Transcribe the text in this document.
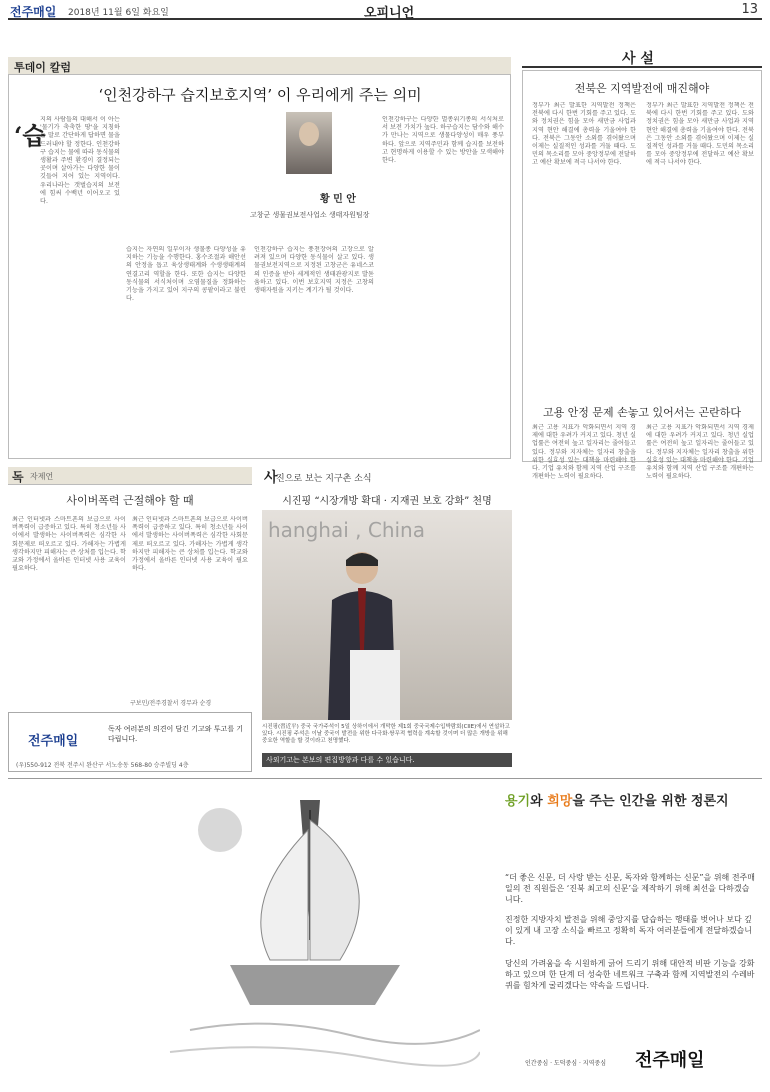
전주매일 2018년 11월 6일 화요일	오피니언	13
투데이 칼럼
‘인천강하구 습지보호지역’ 이 우리에게 주는 의미
‘습
황 민 안
고창군 생물권보전사업소 생태자원팀장
지의 사람들의 대해서 이 아는 '물기가 축축한 땅'을 지칭하는 말로 간단하게 답하면 물을 드러내야 할 정한다. 인천강하구 습지는 물에 따라 동식물의 생활과 주변 환경이 결정되는 곳이며 살아가는 다양한 물이 깃들어 지어 있는 지역이다. 우리나라는 갯벌습지의 보전에 힘써 수백년 이어오고 있다.
습지는 자연의 일부이자 생물종 다양성을 유지하는 기능을 수행한다. 홍수조절과 해안선의 안정을 돕고 육상생태계와 수생생태계의 연결고리 역할을 한다. 또한 습지는 다양한 동식물의 서식처이며 오염물질을 정화하는 기능을 가지고 있어 지구의 콩팥이라고 불린다.
인천강하구 습지는 풍천장어의 고장으로 알려져 있으며 다양한 동식물이 살고 있다. 생물권보전지역으로 지정된 고창군은 유네스코의 인증을 받아 세계적인 생태관광지로 발돋움하고 있다. 이번 보호지역 지정은 고창의 생태자원을 지키는 계기가 될 것이다.
인천강하구는 다양한 멸종위기종의 서식처로서 보전 가치가 높다. 하구습지는 담수와 해수가 만나는 지역으로 생물다양성이 매우 풍부하다. 앞으로 지역주민과 함께 습지를 보전하고 현명하게 이용할 수 있는 방안을 모색해야 한다.
사 설
전북은 지역발전에 매진해야
정부가 최근 발표한 지역발전 정책은 전북에 다시 한번 기회를 주고 있다. 도와 정치권은 힘을 모아 새만금 사업과 지역 현안 해결에 총력을 기울여야 한다. 전북은 그동안 소외를 겪어왔으며 이제는 실질적인 성과를 거둘 때다. 도민의 목소리를 모아 중앙정부에 전달하고 예산 확보에 적극 나서야 한다.
정부가 최근 발표한 지역발전 정책은 전북에 다시 한번 기회를 주고 있다. 도와 정치권은 힘을 모아 새만금 사업과 지역 현안 해결에 총력을 기울여야 한다. 전북은 그동안 소외를 겪어왔으며 이제는 실질적인 성과를 거둘 때다. 도민의 목소리를 모아 중앙정부에 전달하고 예산 확보에 적극 나서야 한다.
고용 안정 문제 손놓고 있어서는 곤란하다
최근 고용 지표가 악화되면서 지역 경제에 대한 우려가 커지고 있다. 청년 실업률은 여전히 높고 일자리는 줄어들고 있다. 정부와 지자체는 일자리 창출을 위한 실효성 있는 대책을 마련해야 한다. 기업 유치와 함께 지역 산업 구조를 개편하는 노력이 필요하다.
최근 고용 지표가 악화되면서 지역 경제에 대한 우려가 커지고 있다. 청년 실업률은 여전히 높고 일자리는 줄어들고 있다. 정부와 지자체는 일자리 창출을 위한 실효성 있는 대책을 마련해야 한다. 기업 유치와 함께 지역 산업 구조를 개편하는 노력이 필요하다.
독 자제언
사이버폭력 근절해야 할 때
최근 인터넷과 스마트폰의 보급으로 사이버폭력이 급증하고 있다. 특히 청소년들 사이에서 발생하는 사이버폭력은 심각한 사회문제로 떠오르고 있다. 가해자는 가볍게 생각하지만 피해자는 큰 상처를 입는다. 학교와 가정에서 올바른 인터넷 사용 교육이 필요하다.
최근 인터넷과 스마트폰의 보급으로 사이버폭력이 급증하고 있다. 특히 청소년들 사이에서 발생하는 사이버폭력은 심각한 사회문제로 떠오르고 있다. 가해자는 가볍게 생각하지만 피해자는 큰 상처를 입는다. 학교와 가정에서 올바른 인터넷 사용 교육이 필요하다.
구보민/전주경찰서 경무과 순경
전주매일
독자 여러분의 의견이 담긴 기고와 투고를 기다립니다.
(우)550-912 전북 전주시 완산구 서노송동 568-80 승주빌딩 4층
사
진으로 보는 지구촌 소식
시진핑 “시장개방 확대 · 지재권 보호 강화” 천명
hanghai , China
시진핑(習近平) 중국 국가주석이 5일 상하이에서 개막한 제1회 중국국제수입박람회(CIIE)에서 연설하고 있다. 시진핑 주석은 이날 중국이 발전을 위한 다극화·쌍무적 협력을 계속할 것이며 더 많은 개방을 위해 중요한 역할을 할 것이라고 천명했다.
사외기고는 본보의 편집방향과 다를 수 있습니다.
용기와 희망을 주는 인간을 위한 정론지
“더 좋은 신문, 더 사랑 받는 신문, 독자와 함께하는 신문”을 위해 전주매일의 전 직원들은 ‘진북 최고의 신문’을 제작하기 위해 최선을 다하겠습니다.
진정한 지방자치 발전을 위해 중앙지를 답습하는 행태를 벗어나 보다 깊이 있게 내 고장 소식을 빠르고 정확히 독자 여러분들에게 전달하겠습니다.
당신의 가려움을 속 시원하게 긁어 드리기 위해 대안적 비판 기능을 강화하고 있으며 한 단계 더 성숙한 네트워크 구축과 함께 지역발전의 수레바퀴를 힘차게 굴리겠다는 약속을 드립니다.
인간중심 · 도덕중심 · 지역중심 전주매일
